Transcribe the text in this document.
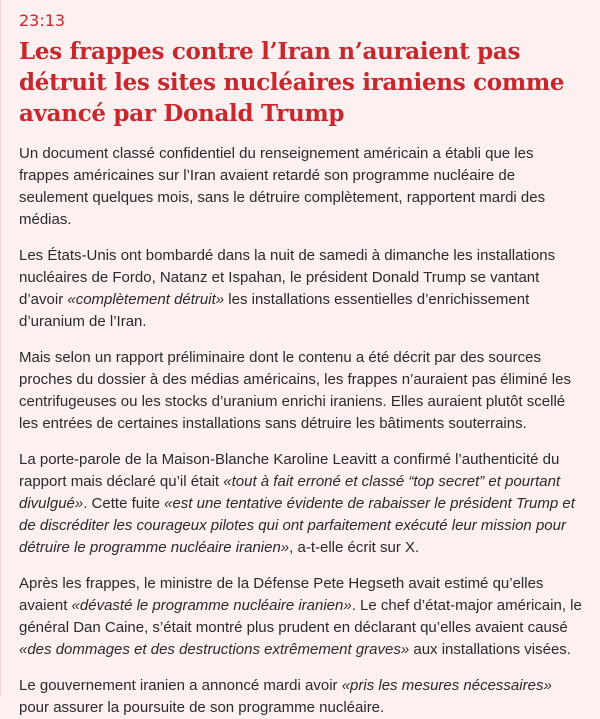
23:13
Les frappes contre l’Iran n’auraient pas détruit les sites nucléaires iraniens comme avancé par Donald Trump

Un document classé confidentiel du renseignement américain a établi que les frappes américaines sur l’Iran avaient retardé son programme nucléaire de seulement quelques mois, sans le détruire complètement, rapportent mardi des médias.

Les États-Unis ont bombardé dans la nuit de samedi à dimanche les installations nucléaires de Fordo, Natanz et Ispahan, le président Donald Trump se vantant d’avoir «complètement détruit» les installations essentielles d’enrichissement d’uranium de l’Iran.

Mais selon un rapport préliminaire dont le contenu a été décrit par des sources proches du dossier à des médias américains, les frappes n’auraient pas éliminé les centrifugeuses ou les stocks d’uranium enrichi iraniens. Elles auraient plutôt scellé les entrées de certaines installations sans détruire les bâtiments souterrains.

La porte-parole de la Maison-Blanche Karoline Leavitt a confirmé l’authenticité du rapport mais déclaré qu’il était «tout à fait erroné et classé “top secret” et pourtant divulgué». Cette fuite «est une tentative évidente de rabaisser le président Trump et de discréditer les courageux pilotes qui ont parfaitement exécuté leur mission pour détruire le programme nucléaire iranien», a-t-elle écrit sur X.

Après les frappes, le ministre de la Défense Pete Hegseth avait estimé qu’elles avaient «dévasté le programme nucléaire iranien». Le chef d’état-major américain, le général Dan Caine, s’était montré plus prudent en déclarant qu’elles avaient causé «des dommages et des destructions extrêmement graves» aux installations visées.

Le gouvernement iranien a annoncé mardi avoir «pris les mesures nécessaires» pour assurer la poursuite de son programme nucléaire.
